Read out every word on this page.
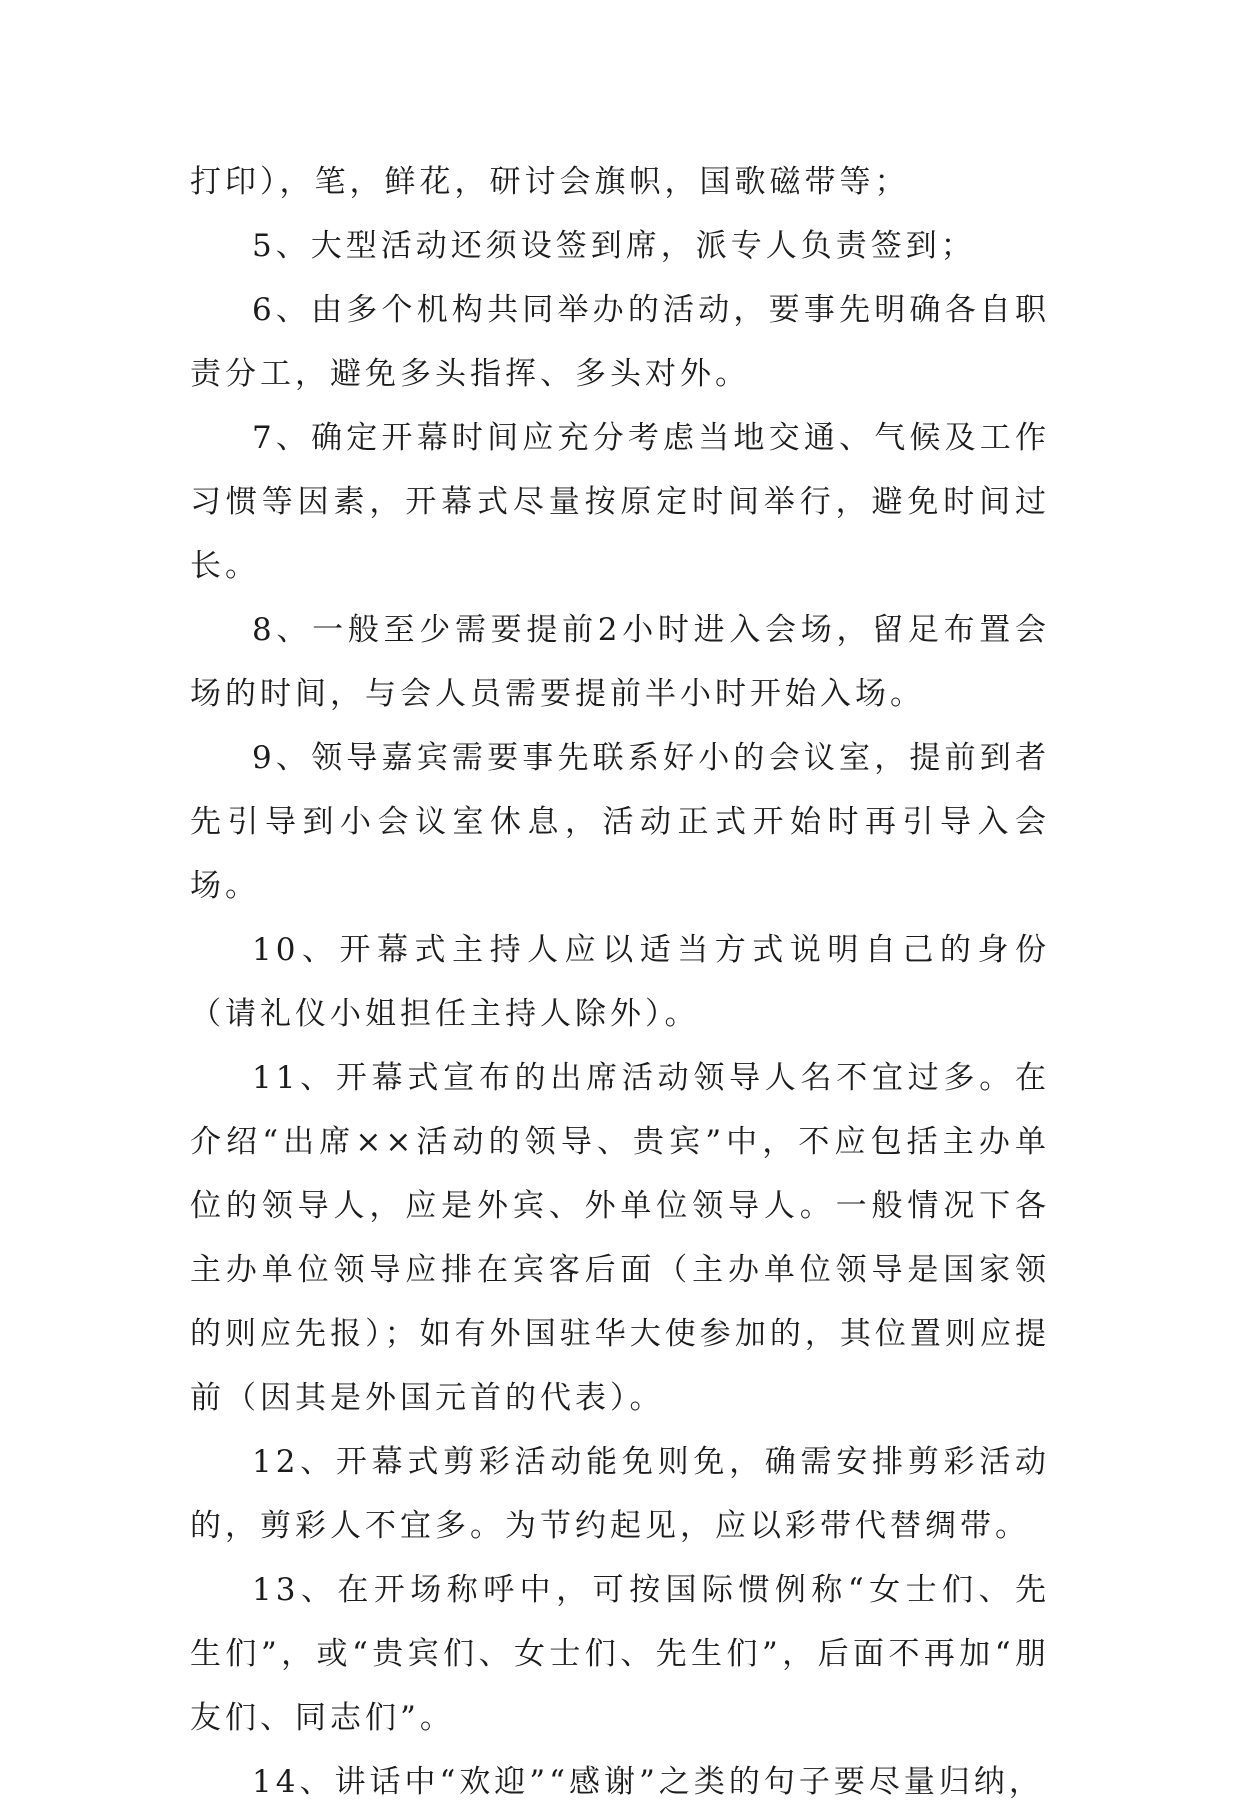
打印），笔，鲜花，研讨会旗帜，国歌磁带等；

5、大型活动还须设签到席，派专人负责签到；

6、由多个机构共同举办的活动，要事先明确各自职责分工，避免多头指挥、多头对外。

7、确定开幕时间应充分考虑当地交通、气候及工作习惯等因素，开幕式尽量按原定时间举行，避免时间过长。

8、一般至少需要提前2小时进入会场，留足布置会场的时间，与会人员需要提前半小时开始入场。

9、领导嘉宾需要事先联系好小的会议室，提前到者先引导到小会议室休息，活动正式开始时再引导入会场。

10、开幕式主持人应以适当方式说明自己的身份（请礼仪小姐担任主持人除外）。

11、开幕式宣布的出席活动领导人名不宜过多。在介绍“出席××活动的领导、贵宾”中，不应包括主办单位的领导人，应是外宾、外单位领导人。一般情况下各主办单位领导应排在宾客后面（主办单位领导是国家领的则应先报）；如有外国驻华大使参加的，其位置则应提前（因其是外国元首的代表）。

12、开幕式剪彩活动能免则免，确需安排剪彩活动的，剪彩人不宜多。为节约起见，应以彩带代替绸带。

13、在开场称呼中，可按国际惯例称“女士们、先生们”，或“贵宾们、女士们、先生们”，后面不再加“朋友们、同志们”。

14、讲话中“欢迎”“感谢”之类的句子要尽量归纳，
